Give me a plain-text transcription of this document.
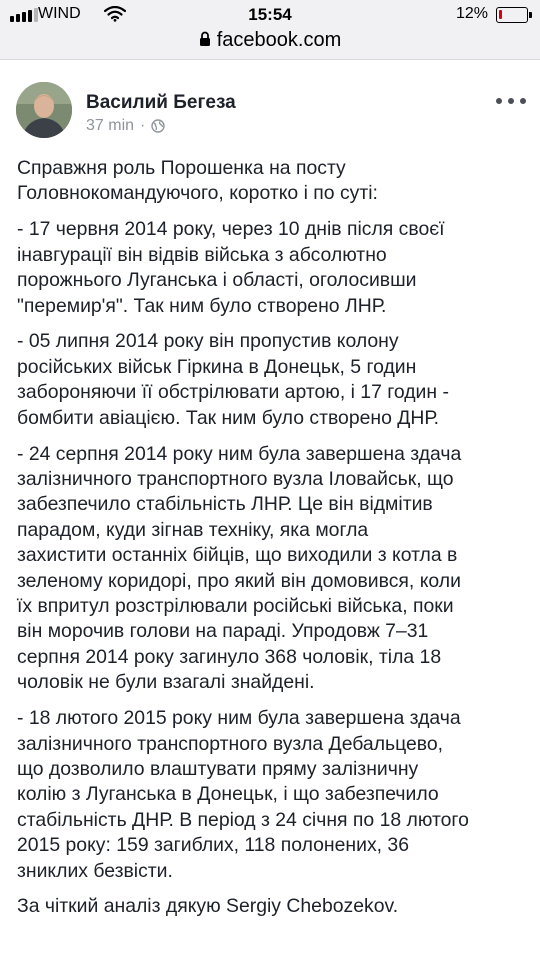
WIND	15:54	12%
facebook.com
Василий Бегеза
37 min ·

Справжня роль Порошенка на посту
Головнокомандуючого, коротко і по суті:

- 17 червня 2014 року, через 10 днів після своєї
інавгурації він відвів війська з абсолютно
порожнього Луганська і області, оголосивши
"перемир'я". Так ним було створено ЛНР.

- 05 липня 2014 року він пропустив колону
російських військ Гіркина в Донецьк, 5 годин
забороняючи її обстрілювати артою, і 17 годин -
бомбити авіацією. Так ним було створено ДНР.

- 24 серпня 2014 року ним була завершена здача
залізничного транспортного вузла Іловайськ, що
забезпечило стабільність ЛНР. Це він відмітив
парадом, куди зігнав техніку, яка могла
захистити останніх бійців, що виходили з котла в
зеленому коридорі, про який він домовився, коли
їх впритул розстрілювали російські війська, поки
він морочив голови на параді. Упродовж 7–31
серпня 2014 року загинуло 368 чоловік, тіла 18
чоловік не були взагалі знайдені.

- 18 лютого 2015 року ним була завершена здача
залізничного транспортного вузла Дебальцево,
що дозволило влаштувати пряму залізничну
колію з Луганська в Донецьк, і що забезпечило
стабільність ДНР. В період з 24 січня по 18 лютого
2015 року: 159 загиблих, 118 полонених, 36
зниклих безвісти.

За чіткий аналіз дякую Sergiy Chebozekov.
